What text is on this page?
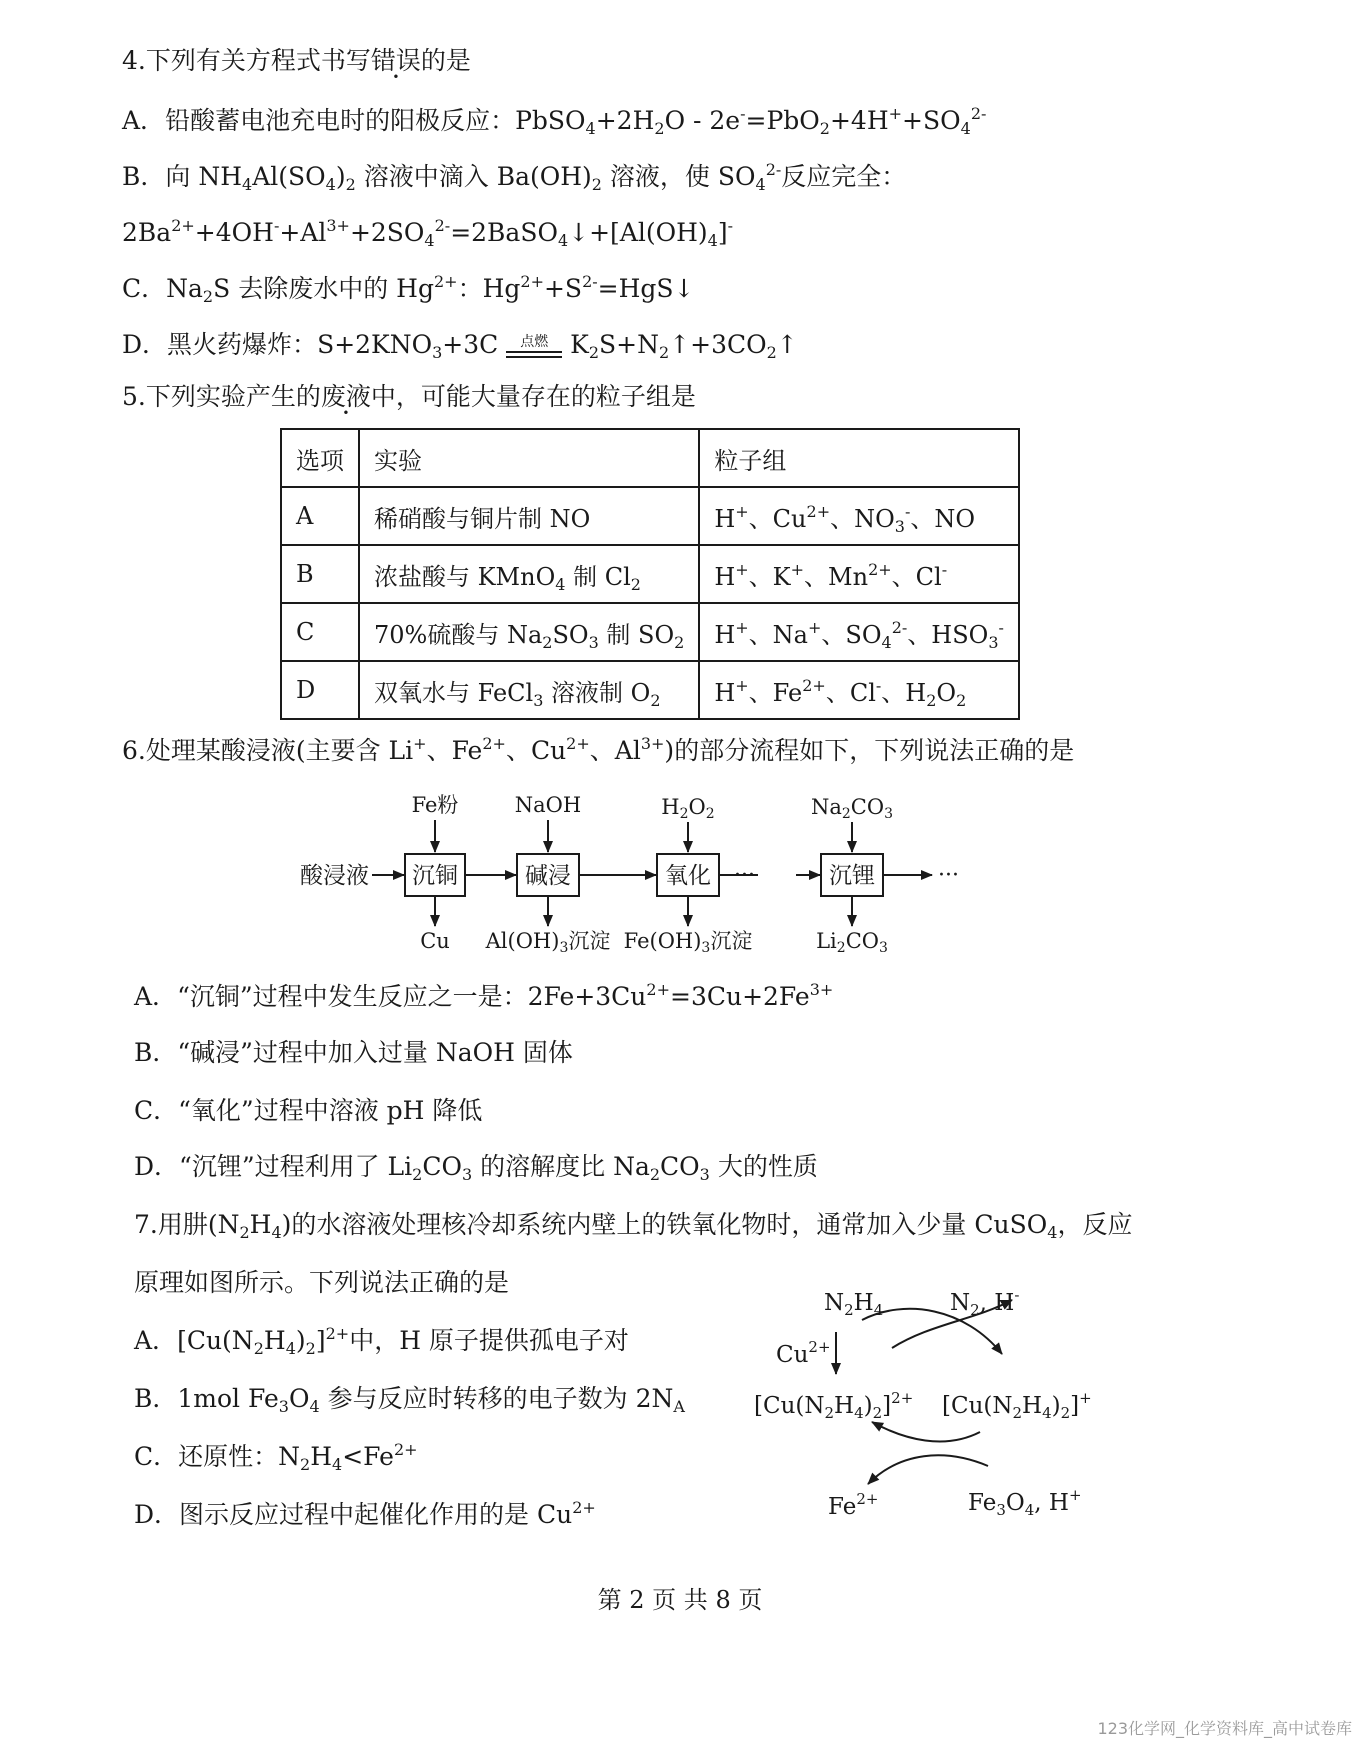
4.下列有关方程式书写错误的是
A．铅酸蓄电池充电时的阳极反应：$PbSO_4+2H_2O - 2e^-=PbO_2+4H^++SO_4^{2-}$
B．向 $NH_4Al(SO_4)_2$ 溶液中滴入 $Ba(OH)_2$ 溶液，使 $SO_4^{2-}$反应完全：
$2Ba^{2+}+4OH^-+Al^{3+}+2SO_4^{2-}=2BaSO_4↓+[Al(OH)_4]^-$
C．$Na_2S$ 去除废水中的 $Hg^{2+}$：$Hg^{2+}+S^{2-}=HgS↓$
D．黑火药爆炸：$S+2KNO_3+3C$	点燃 $K_2S+N_2↑+3CO_2↑$
5.下列实验产生的废液中，可能大量存在的粒子组是
选项	实验	粒子组
A	稀硝酸与铜片制 NO	H+、$Cu^{2+}$、$NO_3^-$、NO
B	浓盐酸与 KMnO$_4$ 制 $Cl_2$	H+、K+、$Mn^{2+}$、Cl-
C	70%硫酸与 $Na_2SO_3$ 制 $SO_2$	H+、Na+、$SO_4^{2-}$、$HSO_3^-$
D	双氧水与 FeCl$_3$ 溶液制 $O_2$	H+、$Fe^{2+}$、Cl-、$H_2O_2$
6.处理某酸浸液(主要含 Li+、$Fe^{2+}$、$Cu^{2+}$、$Al^{3+}$)的部分流程如下，下列说法正确的是
酸浸液 沉铜	碱浸	氧化	沉锂
···	···
Fe粉	NaOH	H2O2	Na2CO3
Cu Al(OH)3沉淀 Fe(OH)3沉淀	Li2CO3
A．“沉铜”过程中发生反应之一是：$2Fe+3Cu^{2+}=3Cu+2Fe^{3+}$
B．“碱浸”过程中加入过量 NaOH 固体
C．“氧化”过程中溶液 pH 降低
D．“沉锂”过程利用了 $Li_2CO_3$ 的溶解度比 $Na_2CO_3$ 大的性质
7.用肼$(N_2H_4)$的水溶液处理核冷却系统内壁上的铁氧化物时，通常加入少量 CuSO$_4$，反应
原理如图所示。下列说法正确的是
A．$[Cu(N_2H_4)_2]^{2+}$中，H 原子提供孤电子对
B．1mol $Fe_3O_4$ 参与反应时转移的电子数为 $2N_A$
C．还原性：$N_2H_4<Fe^{2+}$
D．图示反应过程中起催化作用的是 $Cu^{2+}$
$N_2H_4$	$N_2$, H-
$Cu^{2+}$
$[Cu(N_2H_4)_2]^{2+}$ $[Cu(N_2H_4)_2]^+$
$Fe^{2+}$	$Fe_3O_4$, H+
第 2 页 共 8 页
123化学网_化学资料库_高中试卷库
